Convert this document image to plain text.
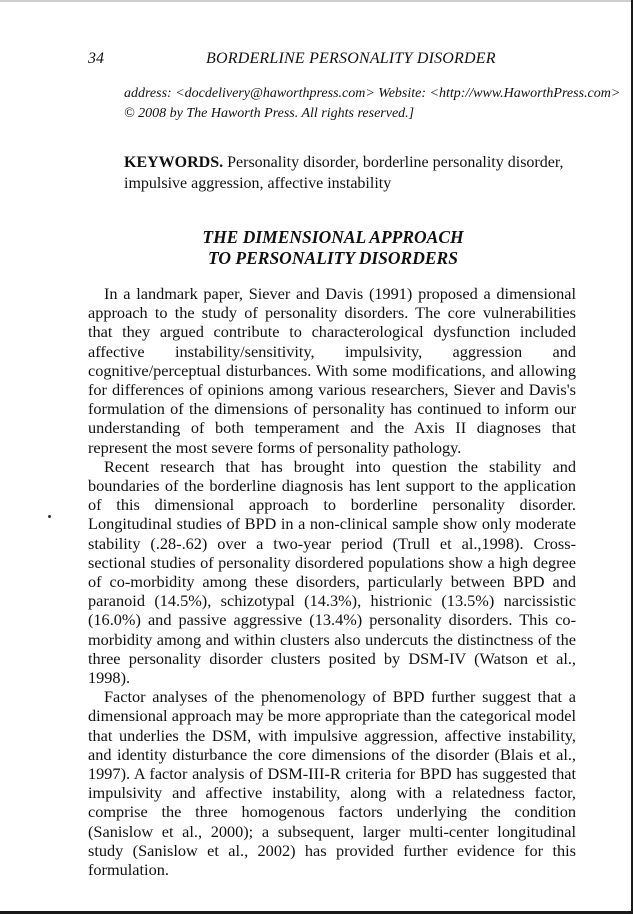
34	BORDERLINE PERSONALITY DISORDER
address: <docdelivery@haworthpress.com> Website: <http://www.HaworthPress.com>
© 2008 by The Haworth Press. All rights reserved.]
KEYWORDS. Personality disorder, borderline personality disorder, impulsive aggression, affective instability
THE DIMENSIONAL APPROACH
TO PERSONALITY DISORDERS

In a landmark paper, Siever and Davis (1991) proposed a dimensional approach to the study of personality disorders. The core vulnerabilities that they argued contribute to characterological dysfunction included affective instability/sensitivity, impulsivity, aggression and cognitive/perceptual disturbances. With some modifications, and allowing for differences of opinions among various researchers, Siever and Davis's formulation of the dimensions of personality has continued to inform our understanding of both temperament and the Axis II diagnoses that represent the most severe forms of personality pathology.

Recent research that has brought into question the stability and boundaries of the borderline diagnosis has lent support to the application of this dimensional approach to borderline personality disorder. Longitudinal studies of BPD in a non-clinical sample show only moderate stability (.28-.62) over a two-year period (Trull et al.,1998). Cross-sectional studies of personality disordered populations show a high degree of co-morbidity among these disorders, particularly between BPD and paranoid (14.5%), schizotypal (14.3%), histrionic (13.5%) narcissistic (16.0%) and passive aggressive (13.4%) personality disorders. This co-morbidity among and within clusters also undercuts the distinctness of the three personality disorder clusters posited by DSM-IV (Watson et al., 1998).

Factor analyses of the phenomenology of BPD further suggest that a dimensional approach may be more appropriate than the categorical model that underlies the DSM, with impulsive aggression, affective instability, and identity disturbance the core dimensions of the disorder (Blais et al., 1997). A factor analysis of DSM-III-R criteria for BPD has suggested that impulsivity and affective instability, along with a relatedness factor, comprise the three homogenous factors underlying the condition (Sanislow et al., 2000); a subsequent, larger multi-center longitudinal study (Sanislow et al., 2002) has provided further evidence for this formulation.
